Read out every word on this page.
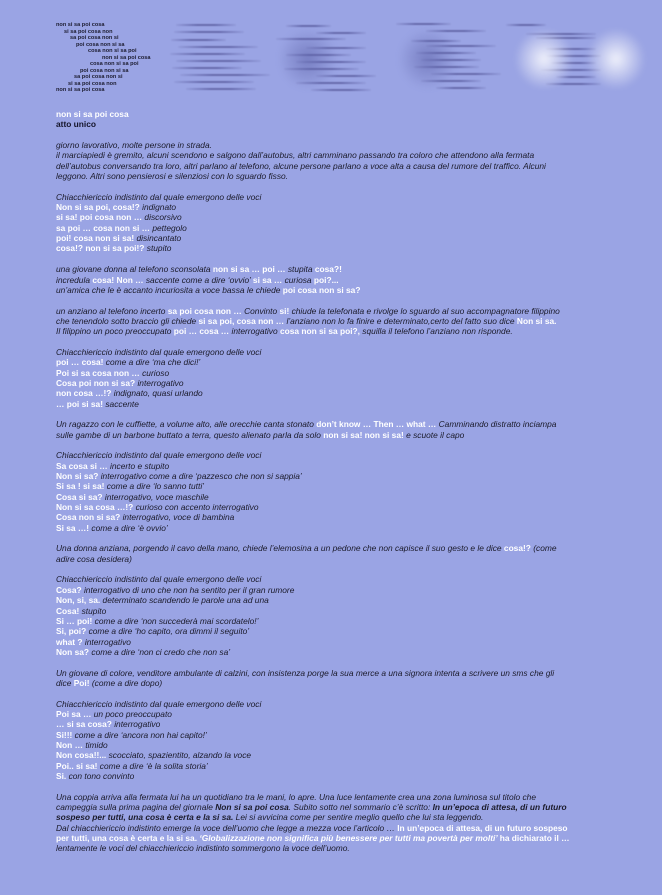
non si sa poi cosa
si sa poi cosa non
sa poi cosa non si
poi cosa non si sa
cosa non si sa poi
non si sa poi cosa
cosa non si sa poi
poi cosa non si sa
sa poi cosa non si
si sa poi cosa non
non si sa poi cosa
non si sa poi cosa
atto unico
giorno lavorativo, molte persone in strada.
il marciapiedi è gremito, alcuni scendono e salgono dall’autobus, altri camminano passando tra coloro che attendono alla fermata
dell’autobus conversando tra loro, altri parlano al telefono, alcune persone parlano a voce alta a causa del rumore del traffico. Alcuni
leggono. Altri sono pensierosi e silenziosi con lo sguardo fisso.
Chiacchiericcio indistinto dal quale emergono delle voci
Non si sa poi, cosa!? indignato
si sa! poi cosa non … discorsivo
sa poi … cosa non si … pettegolo
poi! cosa non si sa! disincantato
cosa!? non si sa poi!? stupito
una giovane donna al telefono sconsolata non si sa … poi … stupita cosa?!
incredula cosa! Non … saccente come a dire ‘ovvio’ si sa … curiosa poi?...
un’amica che le è accanto incuriosita a voce bassa le chiede poi cosa non si sa?
un anziano al telefono incerto sa poi cosa non … Convinto si! chiude la telefonata e rivolge lo sguardo al suo accompagnatore filippino
che tenendolo sotto braccio gli chiede si sa poi, cosa non … l’anziano non lo fa finire e determinato,certo del fatto suo dice Non si sa.
Il filippino un poco preoccupato poi … cosa … interrogativo cosa non si sa poi?, squilla il telefono l’anziano non risponde.
Chiacchiericcio indistinto dal quale emergono delle voci
poi … cosa! come a dire ‘ma che dici!’
Poi si sa cosa non … curioso
Cosa poi non si sa? interrogativo
non cosa …!? indignato, quasi urlando
… poi si sa! saccente
Un ragazzo con le cuffiette, a volume alto, alle orecchie canta stonato don’t know … Then … what … Camminando distratto inciampa
sulle gambe di un barbone buttato a terra, questo alienato parla da solo non si sa! non si sa! e scuote il capo
Chiacchiericcio indistinto dal quale emergono delle voci
Sa cosa si … incerto e stupito
Non si sa? interrogativo come a dire ‘pazzesco che non si sappia’
Si sa ! si sa! come a dire ‘lo sanno tutti’
Cosa si sa? interrogativo, voce maschile
Non si sa cosa …!? curioso con accento interrogativo
Cosa non si sa? interrogativo, voce di bambina
Si sa …! come a dire ‘è ovvio’
Una donna anziana, porgendo il cavo della mano, chiede l’elemosina a un pedone che non capisce il suo gesto e le dice cosa!? (come
adire cosa desidera)
Chiacchiericcio indistinto dal quale emergono delle voci
Cosa? interrogativo di uno che non ha sentito per il gran rumore
Non, si, sa. determinato scandendo le parole una ad una
Cosa! stupito
Si … poi! come a dire ‘non succederà mai scordatelo!’
Si, poi? come a dire ‘ho capito, ora dimmi il seguito’
what ? interrogativo
Non sa? come a dire ‘non ci credo che non sa’
Un giovane di colore, venditore ambulante di calzini, con insistenza porge la sua merce a una signora intenta a scrivere un sms che gli
dice Poi! (come a dire dopo)
Chiacchiericcio indistinto dal quale emergono delle voci
Poi sa … un poco preoccupato
… si sa cosa? interrogativo
Si!!! come a dire ‘ancora non hai capito!’
Non … timido
Non cosa!!... scocciato, spazientito, alzando la voce
Poi.. si sa! come a dire ‘è la solita storia’
Si. con tono convinto
Una coppia arriva alla fermata lui ha un quotidiano tra le mani, lo apre. Una luce lentamente crea una zona luminosa sul titolo che
campeggia sulla prima pagina del giornale Non si sa poi cosa. Subito sotto nel sommario c’è scritto: In un’epoca di attesa, di un futuro
sospeso per tutti, una cosa è certa e la si sa. Lei si avvicina come per sentire meglio quello che lui sta leggendo.
Dal chiacchiericcio indistinto emerge la voce dell’uomo che legge a mezza voce l’articolo … In un’epoca di attesa, di un futuro sospeso
per tutti, una cosa è certa e la si sa. ‘Globalizzazione non significa più benessere per tutti ma povertà per molti’ ha dichiarato il …
lentamente le voci del chiacchiericcio indistinto sommergono la voce dell’uomo.
